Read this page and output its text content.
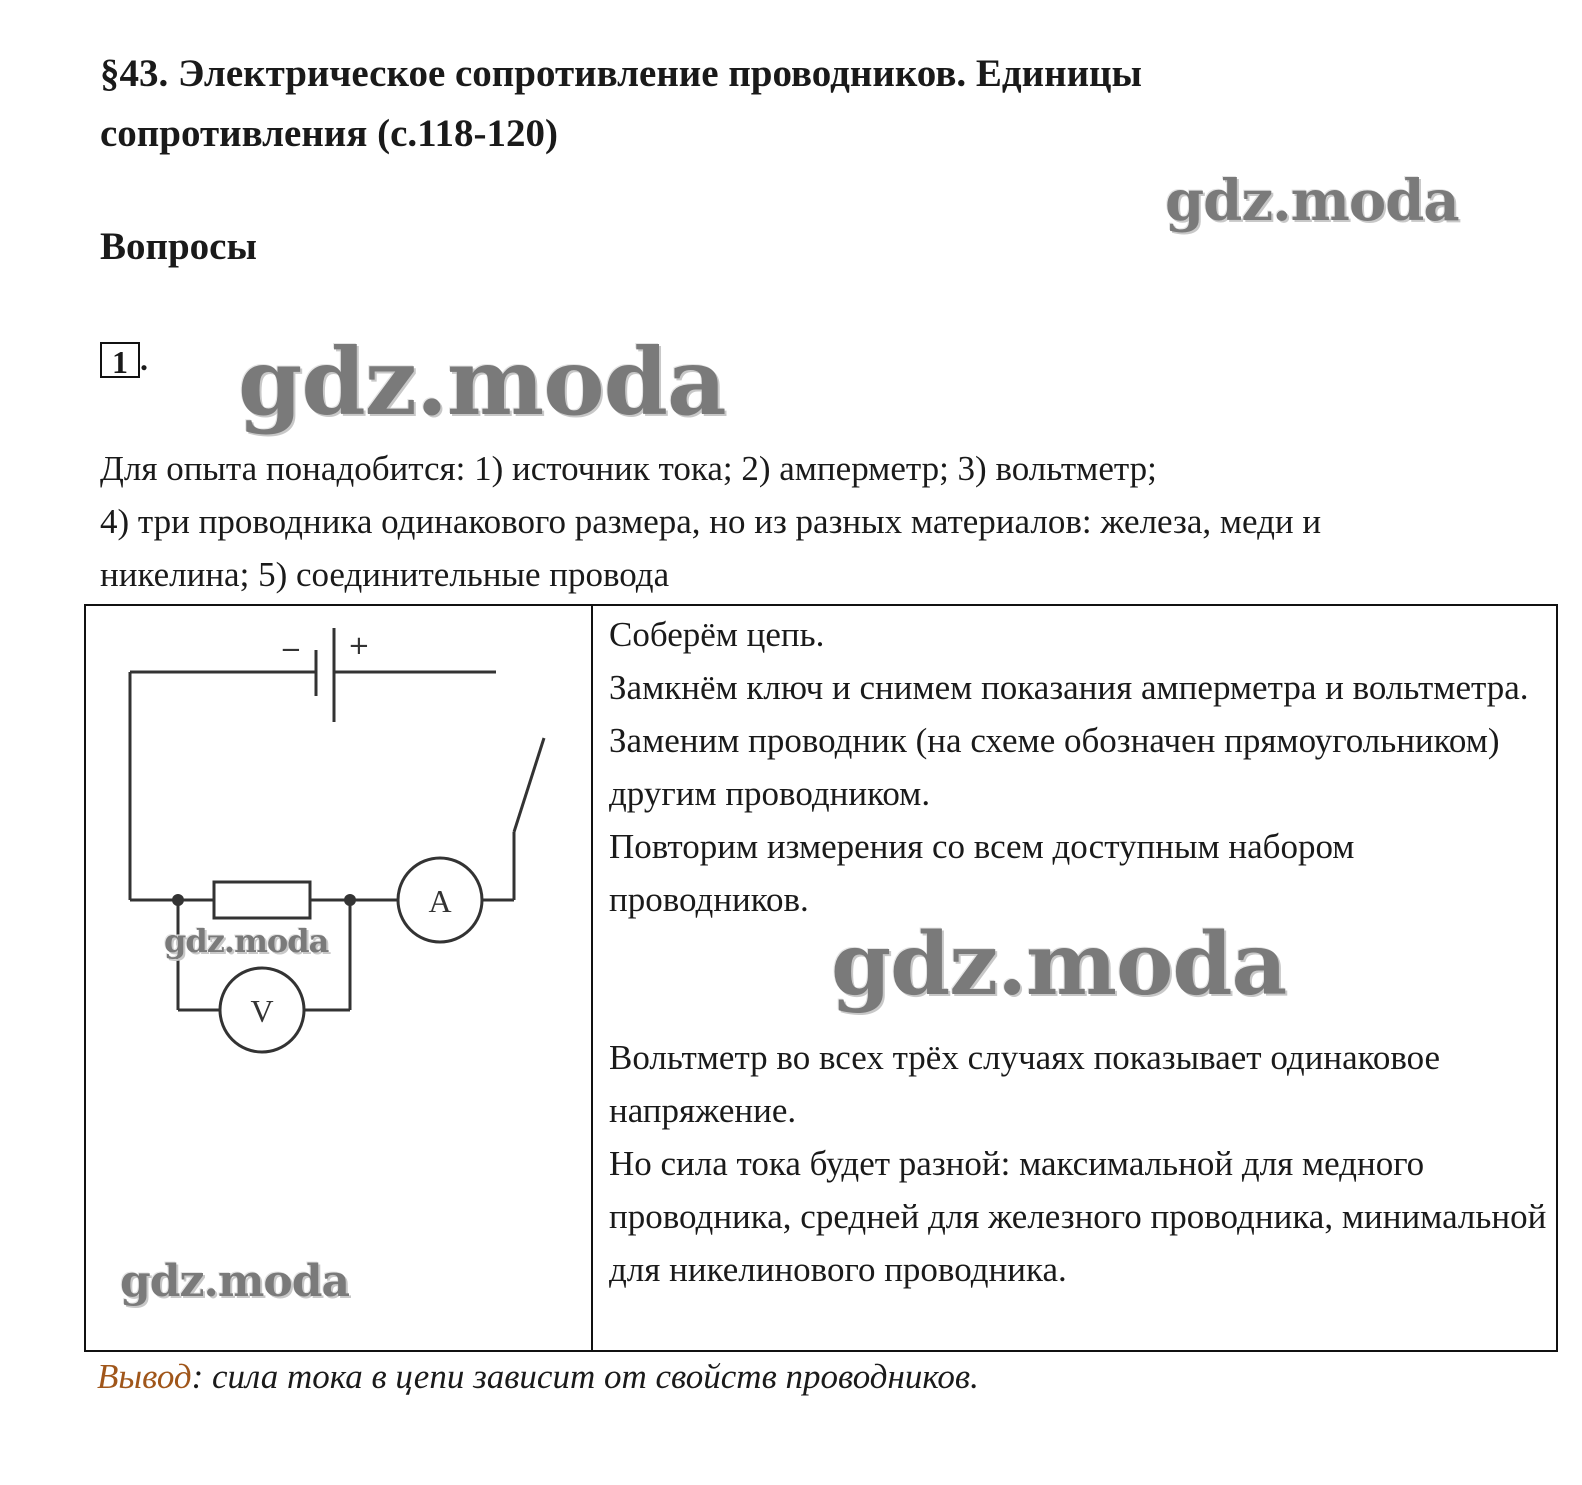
§43. Электрическое сопротивление проводников. Единицы сопротивления (с.118-120)
gdz.moda
Вопросы
1 . gdz.moda
Для опыта понадобится: 1) источник тока; 2) амперметр; 3) вольтметр;
4) три проводника одинакового размера, но из разных материалов: железа, меди и
никелина; 5) соединительные провода
− +
A
V
gdz.moda
gdz.moda

Соберём цепь.

Замкнём ключ и снимем показания амперметра и вольтметра.

Заменим проводник (на схеме обозначен прямоугольником) другим проводником.

Повторим измерения со всем доступным набором проводников.

gdz.moda

Вольтметр во всех трёх случаях показывает одинаковое напряжение.

Но сила тока будет разной: максимальной для медного проводника, средней для железного проводника, минимальной для никелинового проводника.

Вывод: сила тока в цепи зависит от свойств проводников.
